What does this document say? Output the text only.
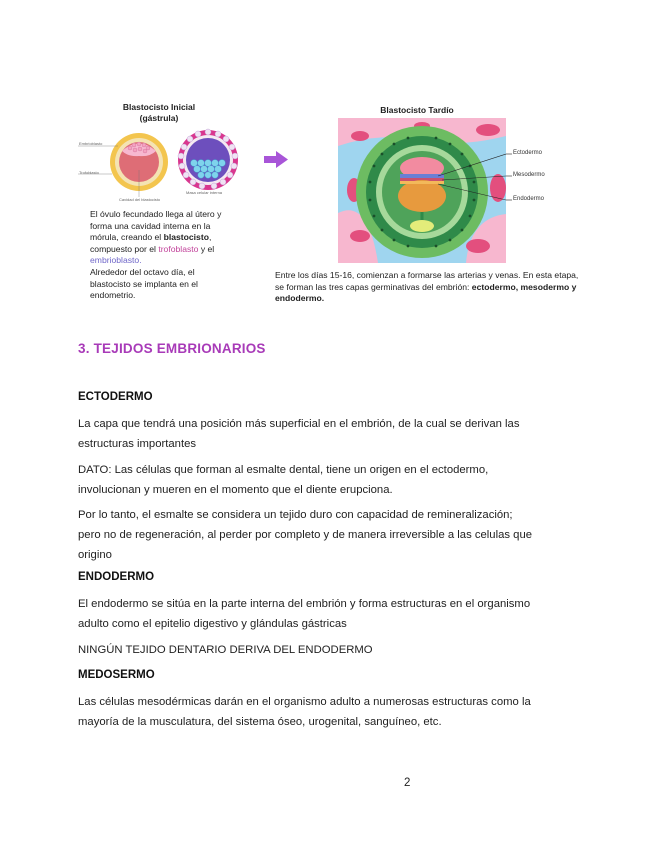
Blastocisto Inicial
(gástrula)
Embrioblasto
Trofoblasto
Cavidad del blastocisto
Masa celular interna
El óvulo fecundado llega al útero y
forma una cavidad interna en la
mórula, creando el blastocisto,
compuesto por el trofoblasto y el
embrioblasto.
Alrededor del octavo día, el
blastocisto se implanta en el
endometrio.
Blastocisto Tardío
Ectodermo
Mesodermo
Endodermo
Entre los días 15-16, comienzan a formarse las arterias y venas. En esta etapa,
se forman las tres capas germinativas del embrión: ectodermo, mesodermo y
endodermo.
3. TEJIDOS EMBRIONARIOS
ECTODERMO
La capa que tendrá una posición más superficial en el embrión, de la cual se derivan las
estructuras importantes
DATO: Las células que forman al esmalte dental, tiene un origen en el ectodermo,
involucionan y mueren en el momento que el diente erupciona.
Por lo tanto, el esmalte se considera un tejido duro con capacidad de remineralización;
pero no de regeneración, al perder por completo y de manera irreversible a las celulas que
origino
ENDODERMO
El endodermo se sitúa en la parte interna del embrión y forma estructuras en el organismo
adulto como el epitelio digestivo y glándulas gástricas
NINGÚN TEJIDO DENTARIO DERIVA DEL ENDODERMO
MEDOSERMO
Las células mesodérmicas darán en el organismo adulto a numerosas estructuras como la
mayoría de la musculatura, del sistema óseo, urogenital, sanguíneo, etc.
2
